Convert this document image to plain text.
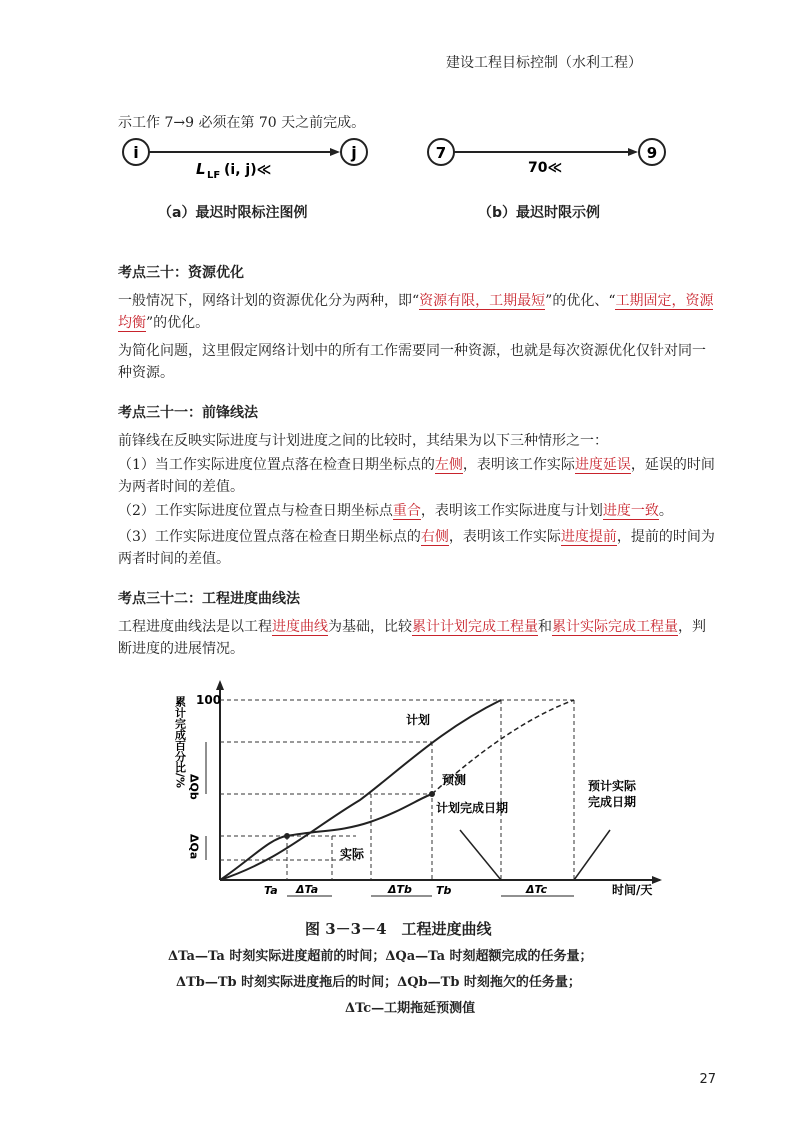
建设工程目标控制（水利工程）
示工作 7→9 必须在第 70 天之前完成。
i	j
L LF (i, j)≪
（a）最迟时限标注图例
7	9
70≪
（b）最迟时限示例
考点三十：资源优化
一般情况下，网络计划的资源优化分为两种，即“资源有限，工期最短”的优化、“工期固定，资源均衡”的优化。
为简化问题，这里假定网络计划中的所有工作需要同一种资源，也就是每次资源优化仅针对同一种资源。
考点三十一：前锋线法
前锋线在反映实际进度与计划进度之间的比较时，其结果为以下三种情形之一：
（1）当工作实际进度位置点落在检查日期坐标点的左侧，表明该工作实际进度延误，延误的时间为两者时间的差值。
（2）工作实际进度位置点与检查日期坐标点重合，表明该工作实际进度与计划进度一致。
（3）工作实际进度位置点落在检查日期坐标点的右侧，表明该工作实际进度提前，提前的时间为两者时间的差值。
考点三十二：工程进度曲线法
工程进度曲线法是以工程进度曲线为基础，比较累计计划完成工程量和累计实际完成工程量，判断进度的进展情况。
累计完成百分比/% 100
计划
预测
实际
计划完成日期
预计实际
完成日期
ΔQb
ΔQa
Ta ΔTa	ΔTb Tb	ΔTc	时间/天
图 3－3－4　工程进度曲线
ΔTa—Ta 时刻实际进度超前的时间；ΔQa—Ta 时刻超额完成的任务量；
ΔTb—Tb 时刻实际进度拖后的时间；ΔQb—Tb 时刻拖欠的任务量；
ΔTc—工期拖延预测值
27
